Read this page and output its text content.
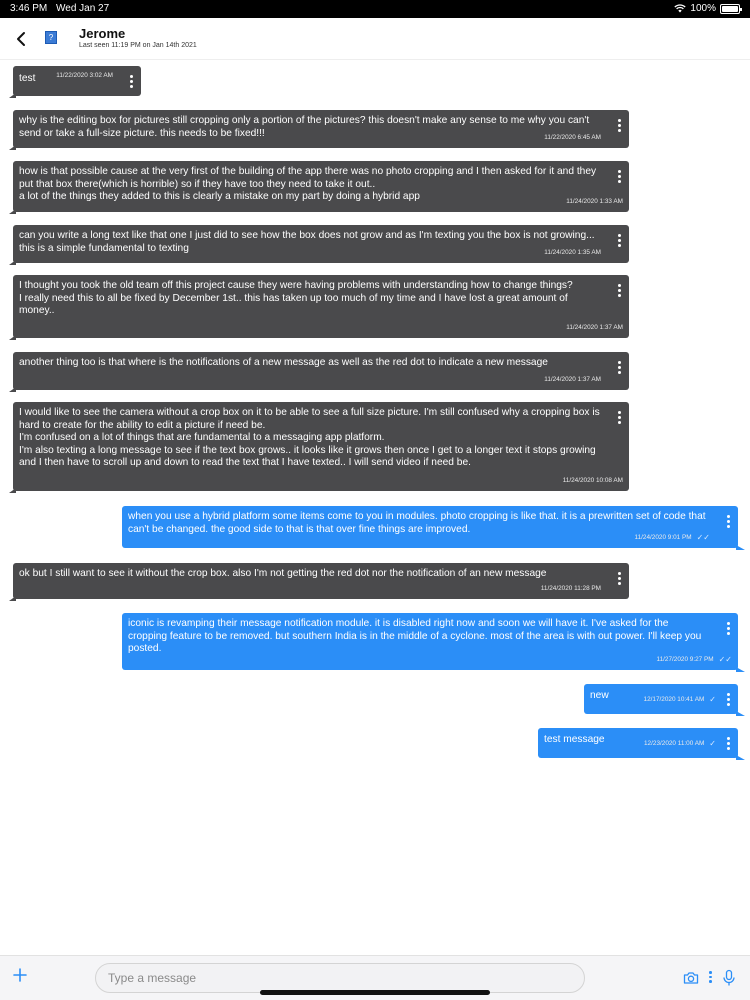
3:46 PM Wed Jan 27	100%
? Jerome
Last seen 11:19 PM on Jan 14th 2021
test	11/22/2020 3:02 AM
why is the editing box for pictures still cropping only a portion of the pictures? this doesn't make any sense to me why you can't send or take a full-size picture. this needs to be fixed!!!	11/22/2020 6:45 AM
how is that possible cause at the very first of the building of the app there was no photo cropping and I then asked for it and they put that box there(which is horrible) so if they have too they need to take it out..
a lot of the things they added to this is clearly a mistake on my part by doing a hybrid app	11/24/2020 1:33 AM
can you write a long text like that one I just did to see how the box does not grow and as I'm texting you the box is not growing... this is a simple fundamental to texting	11/24/2020 1:35 AM
I thought you took the old team off this project cause they were having problems with understanding how to change things?
I really need this to all be fixed by December 1st.. this has taken up too much of my time and I have lost a great amount of money..
11/24/2020 1:37 AM
another thing too is that where is the notifications of a new message as well as the red dot to indicate a new message
11/24/2020 1:37 AM
I would like to see the camera without a crop box on it to be able to see a full size picture. I'm still confused why a cropping box is hard to create for the ability to edit a picture if need be.
I'm confused on a lot of things that are fundamental to a messaging app platform.
I'm also texting a long message to see if the text box grows.. it looks like it grows then once I get to a longer text it stops growing and I then have to scroll up and down to read the text that I have texted.. I will send video if need be.
11/24/2020 10:08 AM
when you use a hybrid platform some items come to you in modules. photo cropping is like that. it is a prewritten set of code that can't be changed. the good side to that is that over fine things are improved.
11/24/2020 9:01 PM ✓✓
ok but I still want to see it without the crop box. also I'm not getting the red dot nor the notification of an new message
11/24/2020 11:28 PM
iconic is revamping their message notification module. it is disabled right now and soon we will have it. I've asked for the cropping feature to be removed. but southern India is in the middle of a cyclone. most of the area is with out power. I'll keep you posted.
11/27/2020 9:27 PM ✓✓
new	12/17/2020 10:41 AM ✓
test message	12/23/2020 11:00 AM ✓
Type a message
